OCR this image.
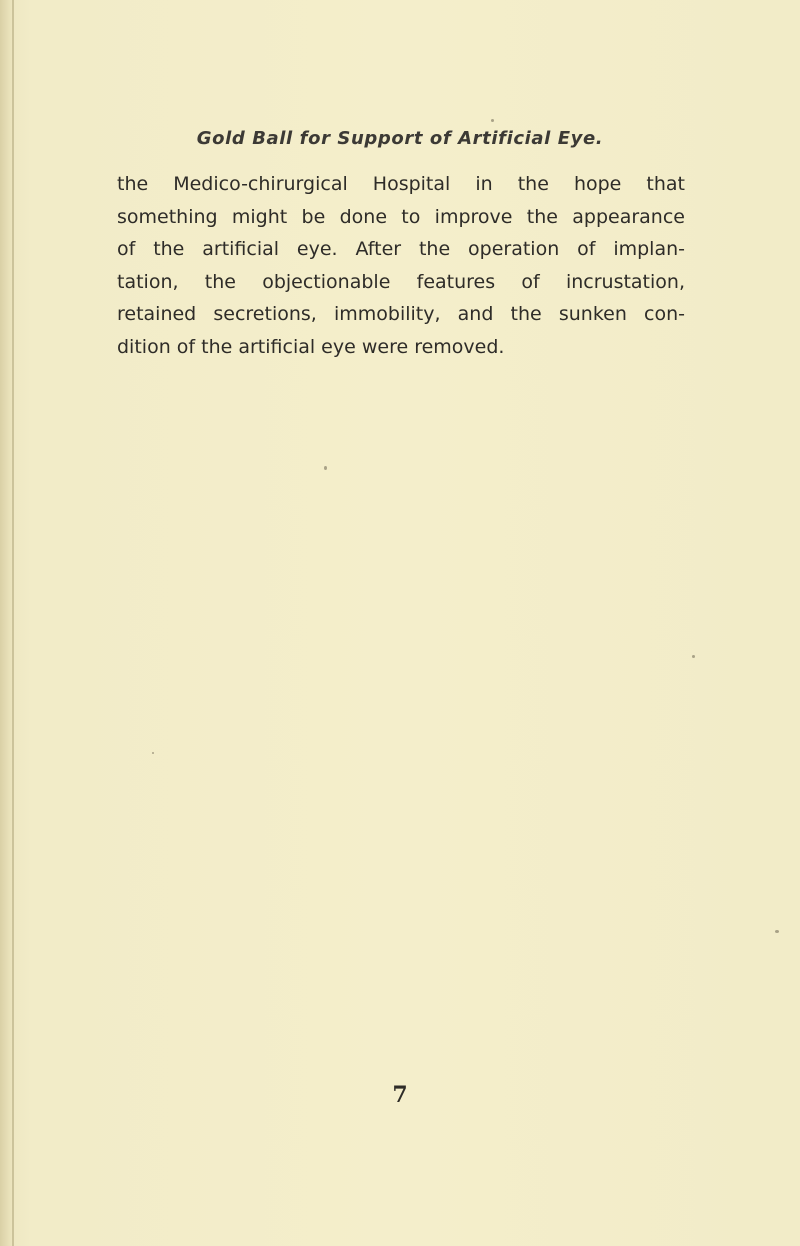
Gold Ball for Support of Artificial Eye.
the Medico-chirurgical Hospital in the hope that
something might be done to improve the appearance
of the artificial eye. After the operation of implan-
tation, the objectionable features of incrustation,
retained secretions, immobility, and the sunken con-
dition of the artificial eye were removed.
7
